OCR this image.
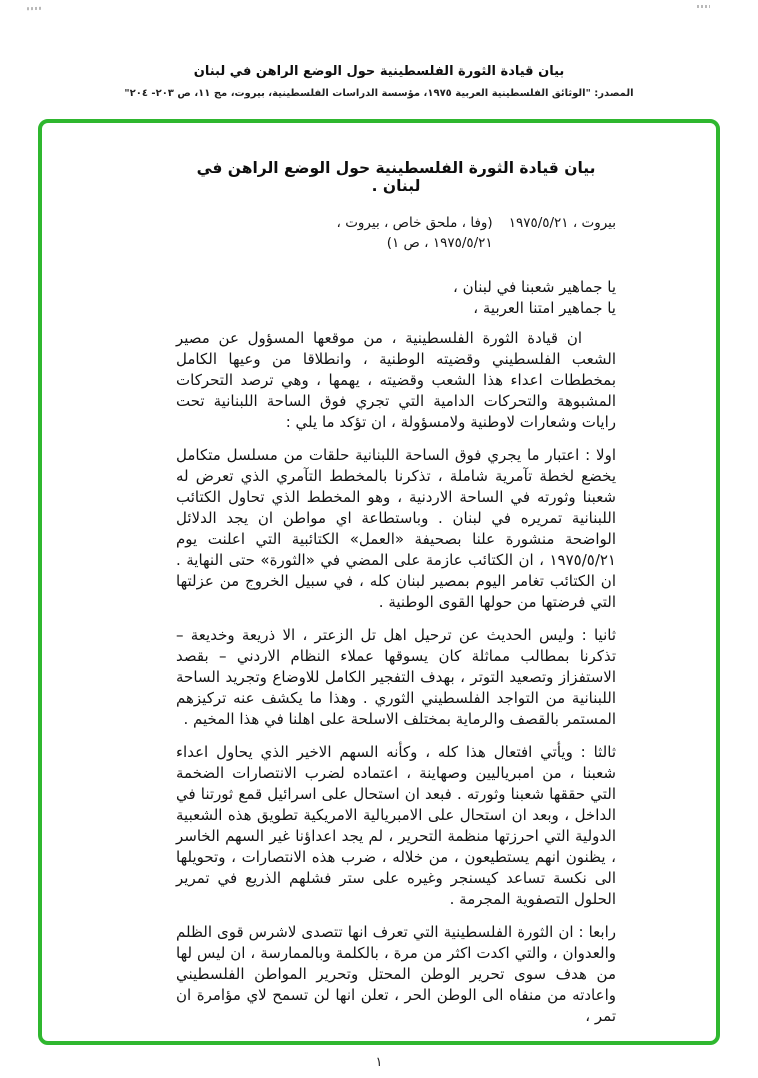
بيان قيادة الثورة الفلسطينية حول الوضع الراهن في لبنان
المصدر: "الوثائق الفلسطينية العربية ١٩٧٥، مؤسسة الدراسات الفلسطينية، بيروت، مج ١١، ص ٢٠٣- ٢٠٤"
بيان قيادة الثورة الفلسطينية حول الوضع الراهن في لبنان .
بيروت ، ١٩٧٥/٥/٢١
(وفا ، ملحق خاص ، بيروت ،
١٩٧٥/٥/٢١ ، ص ١)

يا جماهير شعبنا في لبنان ،

يا جماهير امتنا العربية ،

ان قيادة الثورة الفلسطينية ، من موقعها المسؤول عن مصير الشعب الفلسطيني وقضيته الوطنية ، وانطلاقا من وعيها الكامل بمخططات اعداء هذا الشعب وقضيته ، يهمها ، وهي ترصد التحركات المشبوهة والتحركات الدامية التي تجري فوق الساحة اللبنانية تحت رايات وشعارات لاوطنية ولامسؤولة ، ان تؤكد ما يلي :

اولا : اعتبار ما يجري فوق الساحة اللبنانية حلقات من مسلسل متكامل يخضع لخطة تآمرية شاملة ، تذكرنا بالمخطط التآمري الذي تعرض له شعبنا وثورته في الساحة الاردنية ، وهو المخطط الذي تحاول الكتائب اللبنانية تمريره في لبنان . وباستطاعة اي مواطن ان يجد الدلائل الواضحة منشورة علنا بصحيفة «العمل» الكتائبية التي اعلنت يوم ١٩٧٥/٥/٢١ ، ان الكتائب عازمة على المضي في «الثورة» حتى النهاية . ان الكتائب تغامر اليوم بمصير لبنان كله ، في سبيل الخروج من عزلتها التي فرضتها من حولها القوى الوطنية .

ثانيا : وليس الحديث عن ترحيل اهل تل الزعتر ، الا ذريعة وخديعة – تذكرنا بمطالب مماثلة كان يسوقها عملاء النظام الاردني – بقصد الاستفزاز وتصعيد التوتر ، بهدف التفجير الكامل للاوضاع وتجريد الساحة اللبنانية من التواجد الفلسطيني الثوري . وهذا ما يكشف عنه تركيزهم المستمر بالقصف والرماية بمختلف الاسلحة على اهلنا في هذا المخيم .

ثالثا : ويأتي افتعال هذا كله ، وكأنه السهم الاخير الذي يحاول اعداء شعبنا ، من امبرياليين وصهاينة ، اعتماده لضرب الانتصارات الضخمة التي حققها شعبنا وثورته . فبعد ان استحال على اسرائيل قمع ثورتنا في الداخل ، وبعد ان استحال على الامبريالية الامريكية تطويق هذه الشعبية الدولية التي احرزتها منظمة التحرير ، لم يجد اعداؤنا غير السهم الخاسر ، يظنون انهم يستطيعون ، من خلاله ، ضرب هذه الانتصارات ، وتحويلها الى نكسة تساعد كيسنجر وغيره على ستر فشلهم الذريع في تمرير الحلول التصفوية المجرمة .

رابعا : ان الثورة الفلسطينية التي تعرف انها تتصدى لاشرس قوى الظلم والعدوان ، والتي اكدت اكثر من مرة ، بالكلمة وبالممارسة ، ان ليس لها من هدف سوى تحرير الوطن المحتل وتحرير المواطن الفلسطيني واعادته من منفاه الى الوطن الحر ، تعلن انها لن تسمح لاي مؤامرة ان تمر ،

١
